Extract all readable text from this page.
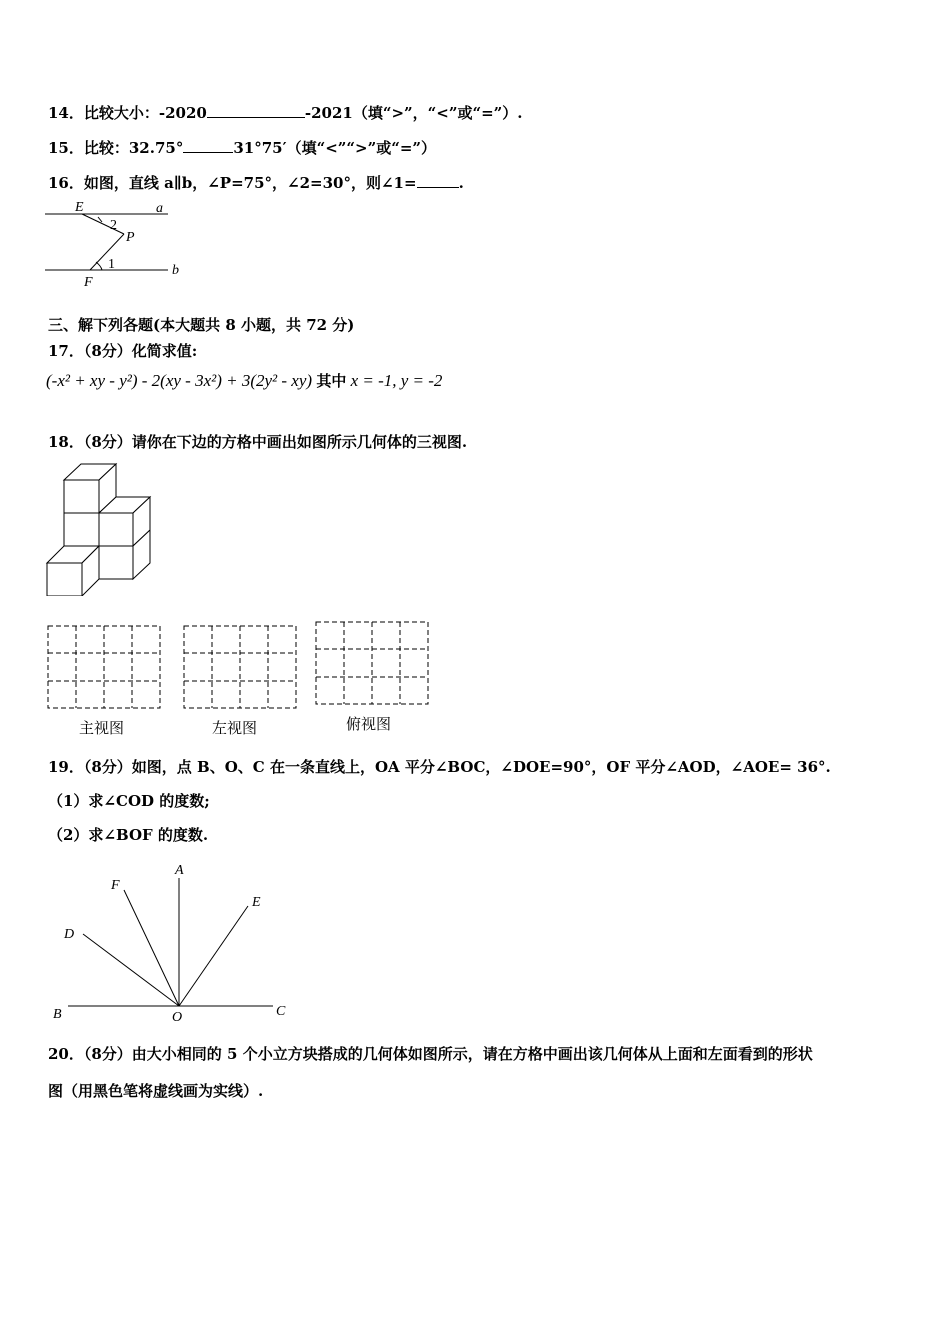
14．比较大小：-2020	-2021（填“>”，“<”或“=”）.
15．比较：32.75°	31°75′（填“<”“>”或“=”）
16．如图，直线 a∥b，∠P=75°，∠2=30°，则∠1=	.
E	a
2
P
1	b
F
三、解下列各题(本大题共 8 小题，共 72 分)
17．（8分）化简求值:
(-x² + xy - y²) - 2(xy - 3x²) + 3(2y² - xy) 其中 x = -1, y = -2
18．（8分）请你在下边的方格中画出如图所示几何体的三视图.
主视图	左视图	俯视图
19．（8分）如图，点 B、O、C 在一条直线上，OA 平分∠BOC，∠DOE=90°，OF 平分∠AOD，∠AOE= 36°.
（1）求∠COD 的度数;
（2）求∠BOF 的度数.
A
F
E
D
B	O	C
20．（8分）由大小相同的 5 个小立方块搭成的几何体如图所示，请在方格中画出该几何体从上面和左面看到的形状
图（用黑色笔将虚线画为实线）.
